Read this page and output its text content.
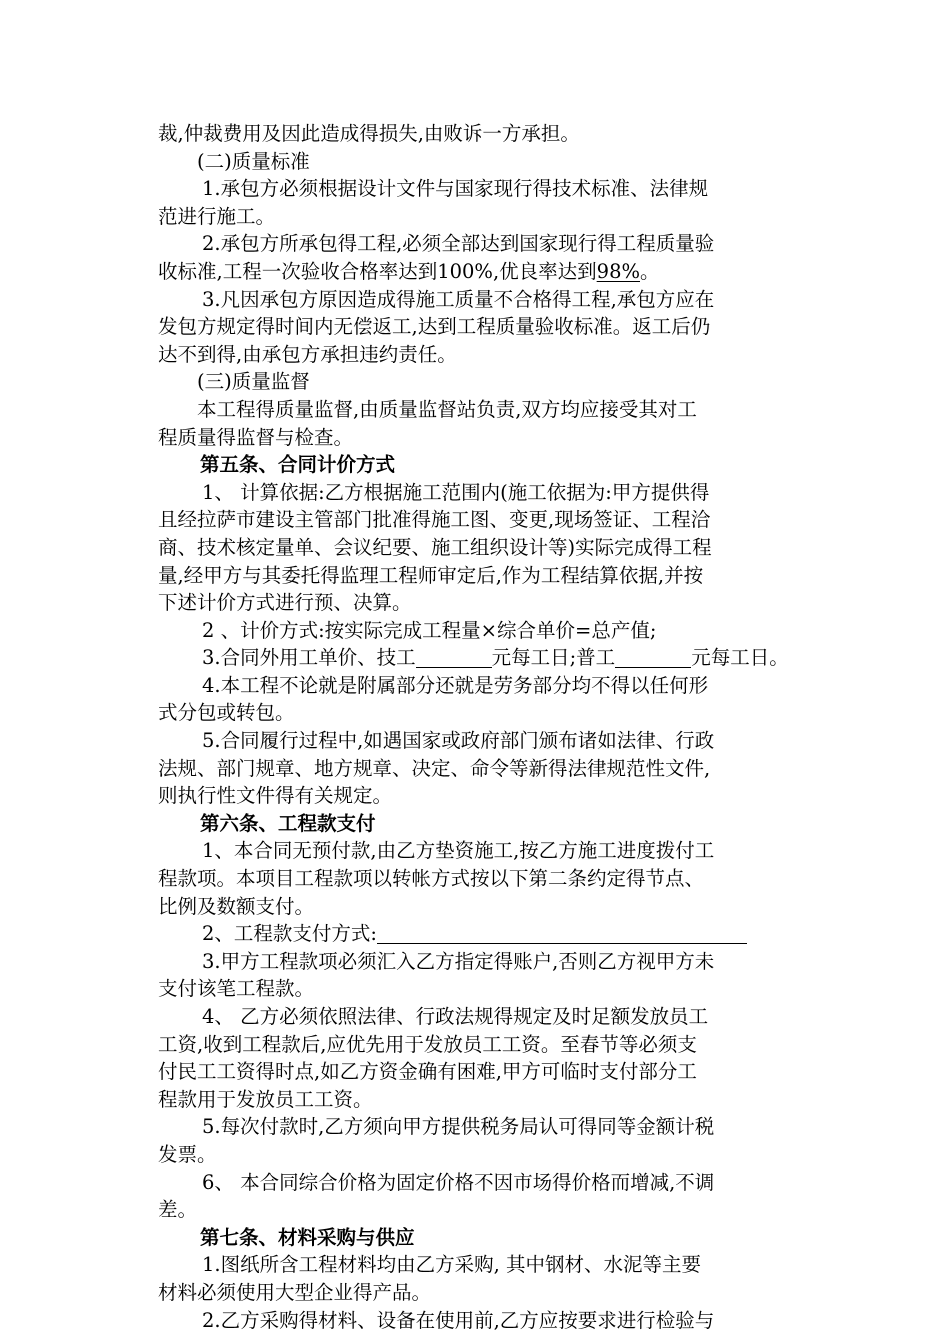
裁,仲裁费用及因此造成得损失,由败诉一方承担。
(二)质量标准
1.承包方必须根据设计文件与国家现行得技术标准、法律规
范进行施工。
2.承包方所承包得工程,必须全部达到国家现行得工程质量验
收标准,工程一次验收合格率达到100%,优良率达到98%。
3.凡因承包方原因造成得施工质量不合格得工程,承包方应在
发包方规定得时间内无偿返工,达到工程质量验收标准。返工后仍
达不到得,由承包方承担违约责任。
(三)质量监督
本工程得质量监督,由质量监督站负责,双方均应接受其对工
程质量得监督与检查。
第五条、合同计价方式
1、 计算依据:乙方根据施工范围内(施工依据为:甲方提供得
且经拉萨市建设主管部门批准得施工图、变更,现场签证、工程洽
商、技术核定量单、会议纪要、施工组织设计等)实际完成得工程
量,经甲方与其委托得监理工程师审定后,作为工程结算依据,并按
下述计价方式进行预、决算。
2 、计价方式:按实际完成工程量×综合单价=总产值;
3.合同外用工单价、技工	元每工日;普工	元每工日。
4.本工程不论就是附属部分还就是劳务部分均不得以任何形
式分包或转包。
5.合同履行过程中,如遇国家或政府部门颁布诸如法律、行政
法规、部门规章、地方规章、决定、命令等新得法律规范性文件,
则执行性文件得有关规定。
第六条、工程款支付
1、本合同无预付款,由乙方垫资施工,按乙方施工进度拨付工
程款项。本项目工程款项以转帐方式按以下第二条约定得节点、
比例及数额支付。
2、工程款支付方式:
3.甲方工程款项必须汇入乙方指定得账户,否则乙方视甲方未
支付该笔工程款。
4、 乙方必须依照法律、行政法规得规定及时足额发放员工
工资,收到工程款后,应优先用于发放员工工资。至春节等必须支
付民工工资得时点,如乙方资金确有困难,甲方可临时支付部分工
程款用于发放员工工资。
5.每次付款时,乙方须向甲方提供税务局认可得同等金额计税
发票。
6、 本合同综合价格为固定价格不因市场得价格而增减,不调
差。
第七条、材料采购与供应
1.图纸所含工程材料均由乙方采购, 其中钢材、水泥等主要
材料必须使用大型企业得产品。
2.乙方采购得材料、设备在使用前,乙方应按要求进行检验与
